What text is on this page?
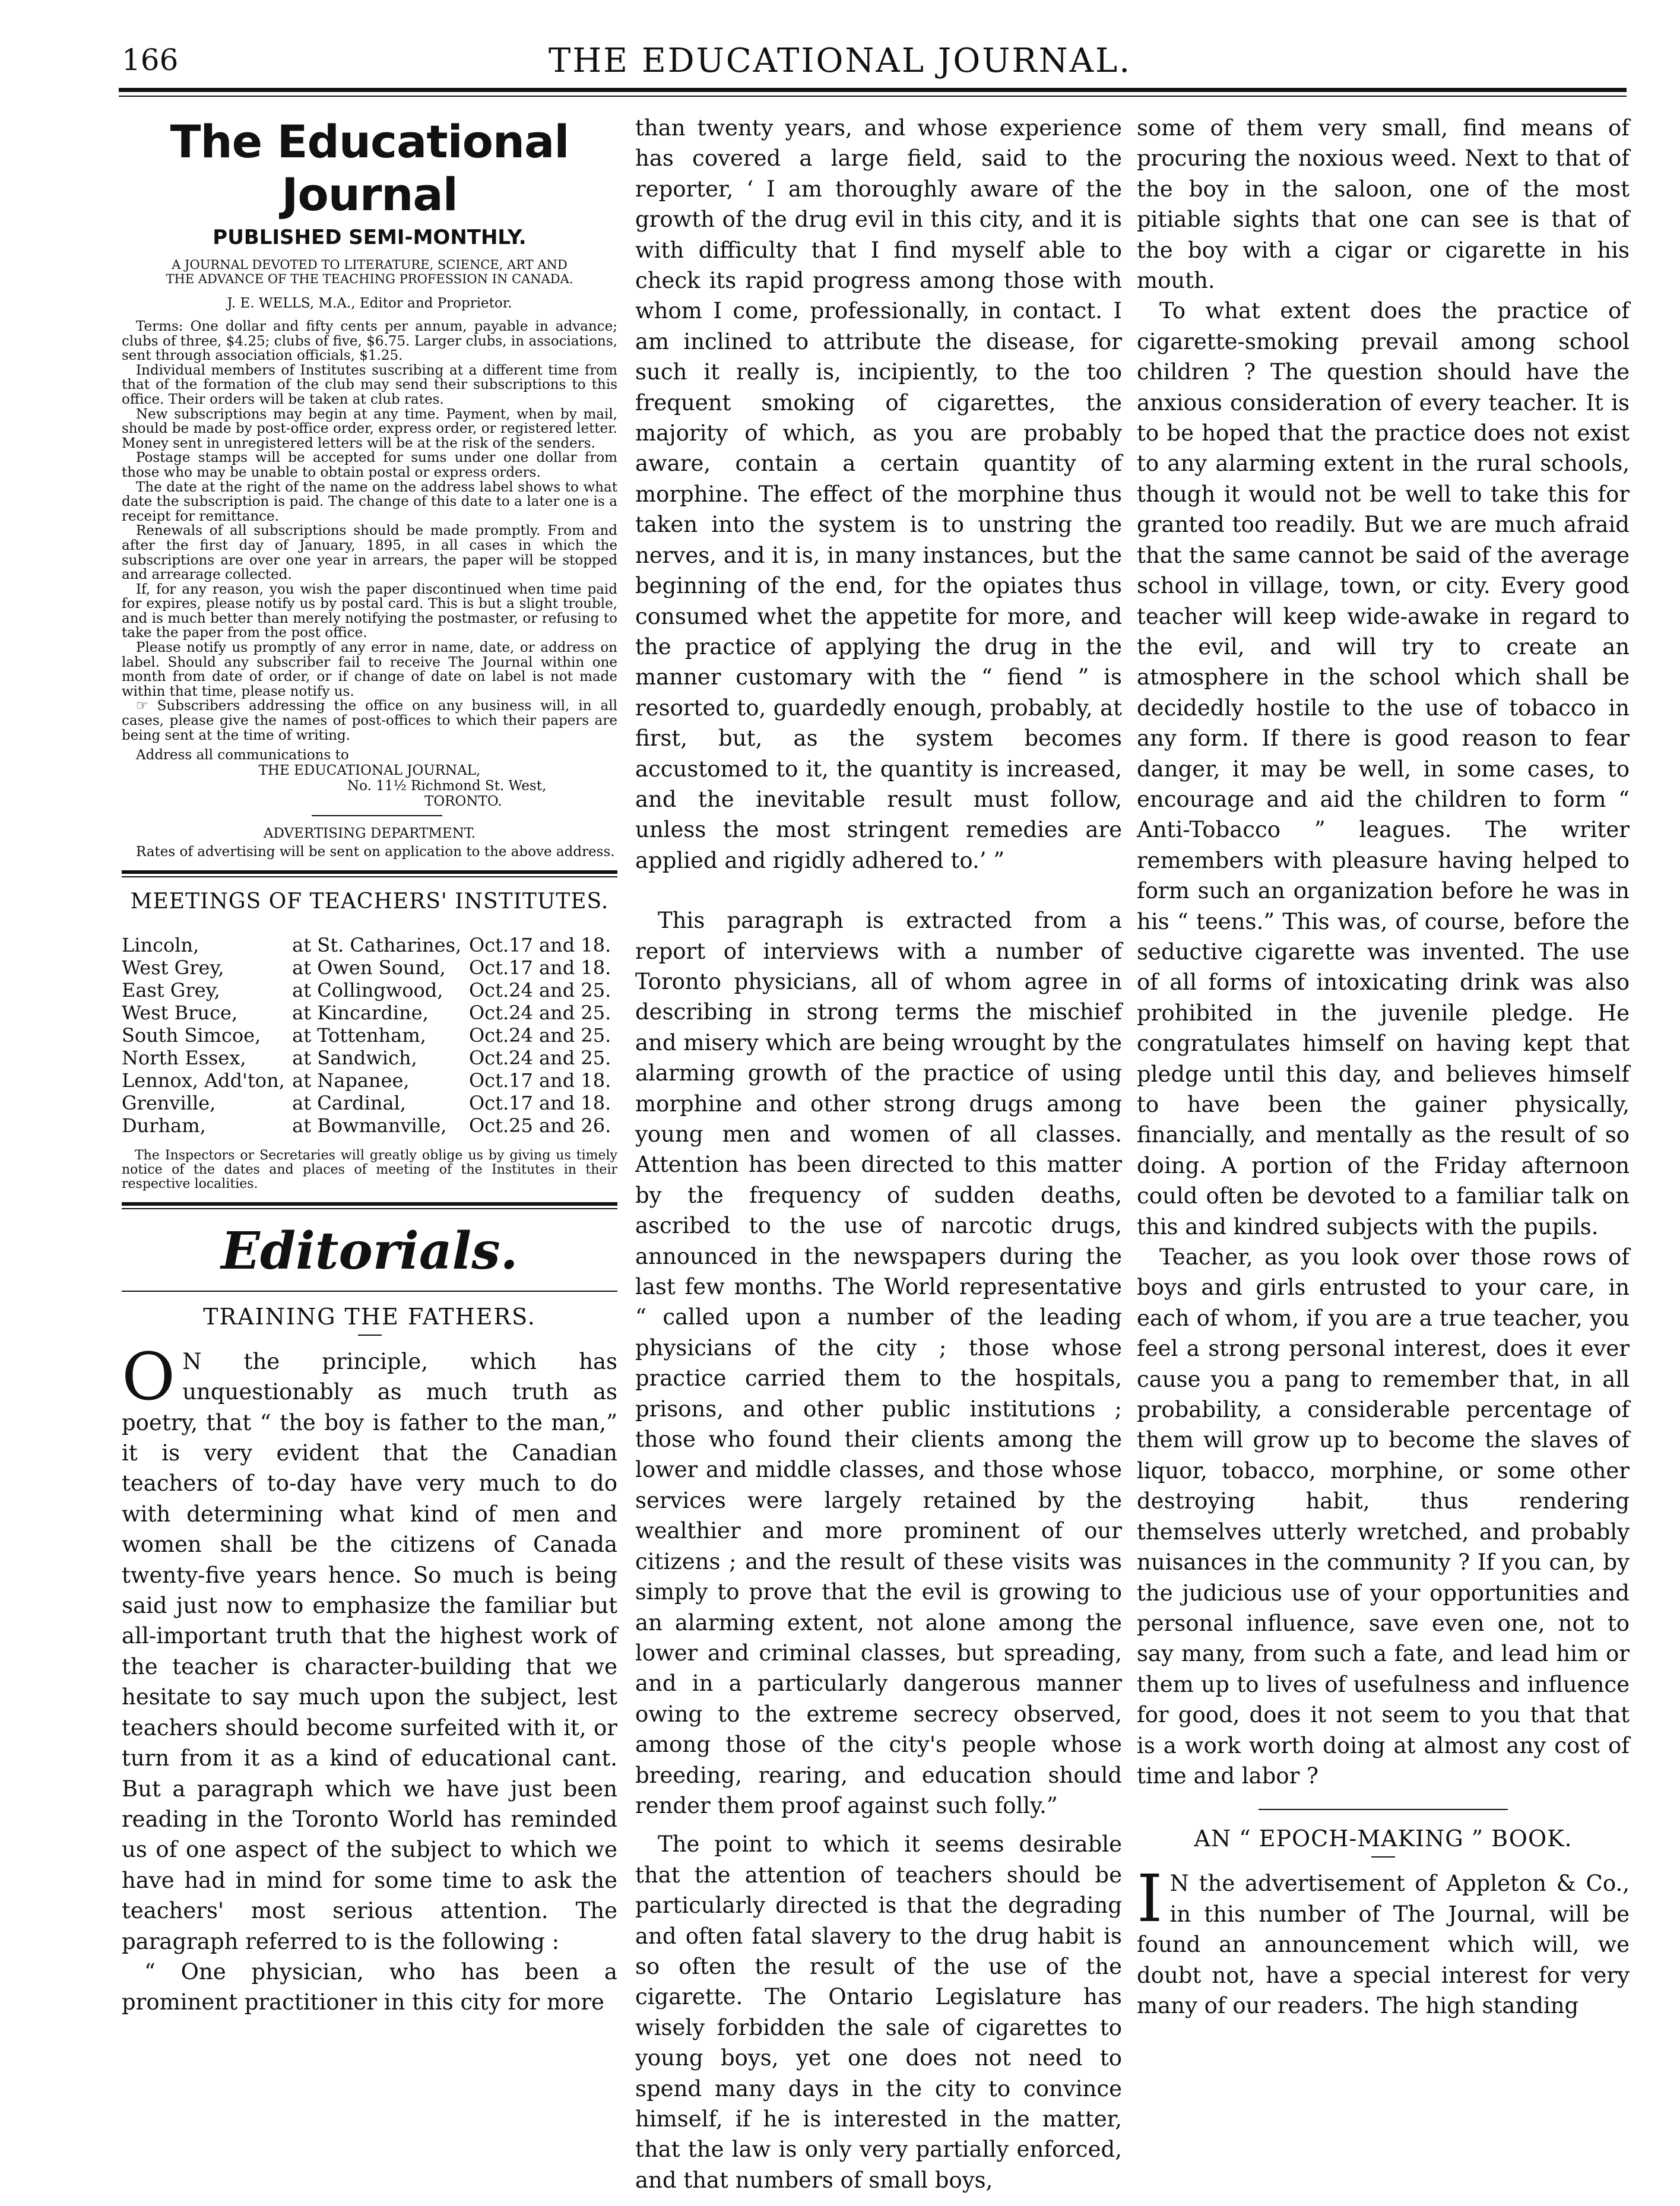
166	THE EDUCATIONAL JOURNAL.
The Educational Journal
PUBLISHED SEMI-MONTHLY.
A JOURNAL DEVOTED TO LITERATURE, SCIENCE, ART AND THE ADVANCE OF THE TEACHING PROFESSION IN CANADA.
J. E. WELLS, M.A., Editor and Proprietor.

Terms: One dollar and fifty cents per annum, payable in advance; clubs of three, $4.25; clubs of five, $6.75. Larger clubs, in associations, sent through association officials, $1.25.

Individual members of Institutes suscribing at a different time from that of the formation of the club may send their subscriptions to this office. Their orders will be taken at club rates.

New subscriptions may begin at any time. Payment, when by mail, should be made by post-office order, express order, or registered letter. Money sent in unregistered letters will be at the risk of the senders.

Postage stamps will be accepted for sums under one dollar from those who may be unable to obtain postal or express orders.

The date at the right of the name on the address label shows to what date the subscription is paid. The change of this date to a later one is a receipt for remittance.

Renewals of all subscriptions should be made promptly. From and after the first day of January, 1895, in all cases in which the subscriptions are over one year in arrears, the paper will be stopped and arrearage collected.

If, for any reason, you wish the paper discontinued when time paid for expires, please notify us by postal card. This is but a slight trouble, and is much better than merely notifying the postmaster, or refusing to take the paper from the post office.

Please notify us promptly of any error in name, date, or address on label. Should any subscriber fail to receive The Journal within one month from date of order, or if change of date on label is not made within that time, please notify us.

☞ Subscribers addressing the office on any business will, in all cases, please give the names of post-offices to which their papers are being sent at the time of writing.

Address all communications to
THE EDUCATIONAL JOURNAL,
No. 11½ Richmond St. West,
TORONTO.
ADVERTISING DEPARTMENT.

Rates of advertising will be sent on application to the above address.

MEETINGS OF TEACHERS' INSTITUTES.
Lincoln,	at St. Catharines,	Oct.17 and 18.
West Grey,	at Owen Sound,	Oct.17 and 18.
East Grey,	at Collingwood,	Oct.24 and 25.
West Bruce,	at Kincardine,	Oct.24 and 25.
South Simcoe,	at Tottenham,	Oct.24 and 25.
North Essex,	at Sandwich,	Oct.24 and 25.
Lennox, Add'ton,	at Napanee,	Oct.17 and 18.
Grenville,	at Cardinal,	Oct.17 and 18.
Durham,	at Bowmanville,	Oct.25 and 26.

The Inspectors or Secretaries will greatly oblige us by giving us timely notice of the dates and places of meeting of the Institutes in their respective localities.

Editorials.
TRAINING THE FATHERS.

ON the principle, which has unquestionably as much truth as poetry, that “ the boy is father to the man,” it is very evident that the Canadian teachers of to-day have very much to do with determining what kind of men and women shall be the citizens of Canada twenty-five years hence. So much is being said just now to emphasize the familiar but all-important truth that the highest work of the teacher is character-building that we hesitate to say much upon the subject, lest teachers should become surfeited with it, or turn from it as a kind of educational cant. But a paragraph which we have just been reading in the Toronto World has reminded us of one aspect of the subject to which we have had in mind for some time to ask the teachers' most serious attention. The paragraph referred to is the following :

“ One physician, who has been a prominent practitioner in this city for more

than twenty years, and whose experience has covered a large field, said to the reporter, ‘ I am thoroughly aware of the growth of the drug evil in this city, and it is with difficulty that I find myself able to check its rapid progress among those with whom I come, professionally, in contact. I am inclined to attribute the disease, for such it really is, incipiently, to the too frequent smoking of cigarettes, the majority of which, as you are probably aware, contain a certain quantity of morphine. The effect of the morphine thus taken into the system is to unstring the nerves, and it is, in many instances, but the beginning of the end, for the opiates thus consumed whet the appetite for more, and the practice of applying the drug in the manner customary with the “ fiend ” is resorted to, guardedly enough, probably, at first, but, as the system becomes accustomed to it, the quantity is increased, and the inevitable result must follow, unless the most stringent remedies are applied and rigidly adhered to.’ ”

This paragraph is extracted from a report of interviews with a number of Toronto physicians, all of whom agree in describing in strong terms the mischief and misery which are being wrought by the alarming growth of the practice of using morphine and other strong drugs among young men and women of all classes. Attention has been directed to this matter by the frequency of sudden deaths, ascribed to the use of narcotic drugs, announced in the newspapers during the last few months. The World representative “ called upon a number of the leading physicians of the city ; those whose practice carried them to the hospitals, prisons, and other public institutions ; those who found their clients among the lower and middle classes, and those whose services were largely retained by the wealthier and more prominent of our citizens ; and the result of these visits was simply to prove that the evil is growing to an alarming extent, not alone among the lower and criminal classes, but spreading, and in a particularly dangerous manner owing to the extreme secrecy observed, among those of the city's people whose breeding, rearing, and education should render them proof against such folly.”

The point to which it seems desirable that the attention of teachers should be particularly directed is that the degrading and often fatal slavery to the drug habit is so often the result of the use of the cigarette. The Ontario Legislature has wisely forbidden the sale of cigarettes to young boys, yet one does not need to spend many days in the city to convince himself, if he is interested in the matter, that the law is only very partially enforced, and that numbers of small boys,

some of them very small, find means of procuring the noxious weed. Next to that of the boy in the saloon, one of the most pitiable sights that one can see is that of the boy with a cigar or cigarette in his mouth.

To what extent does the practice of cigarette-smoking prevail among school children ? The question should have the anxious consideration of every teacher. It is to be hoped that the practice does not exist to any alarming extent in the rural schools, though it would not be well to take this for granted too readily. But we are much afraid that the same cannot be said of the average school in village, town, or city. Every good teacher will keep wide-awake in regard to the evil, and will try to create an atmosphere in the school which shall be decidedly hostile to the use of tobacco in any form. If there is good reason to fear danger, it may be well, in some cases, to encourage and aid the children to form “ Anti-Tobacco ” leagues. The writer remembers with pleasure having helped to form such an organization before he was in his “ teens.” This was, of course, before the seductive cigarette was invented. The use of all forms of intoxicating drink was also prohibited in the juvenile pledge. He congratulates himself on having kept that pledge until this day, and believes himself to have been the gainer physically, financially, and mentally as the result of so doing. A portion of the Friday afternoon could often be devoted to a familiar talk on this and kindred subjects with the pupils.

Teacher, as you look over those rows of boys and girls entrusted to your care, in each of whom, if you are a true teacher, you feel a strong personal interest, does it ever cause you a pang to remember that, in all probability, a considerable percentage of them will grow up to become the slaves of liquor, tobacco, morphine, or some other destroying habit, thus rendering themselves utterly wretched, and probably nuisances in the community ? If you can, by the judicious use of your opportunities and personal influence, save even one, not to say many, from such a fate, and lead him or them up to lives of usefulness and influence for good, does it not seem to you that that is a work worth doing at almost any cost of time and labor ?

AN “ EPOCH-MAKING ” BOOK.

IN the advertisement of Appleton & Co., in this number of The Journal, will be found an announcement which will, we doubt not, have a special interest for very many of our readers. The high standing
